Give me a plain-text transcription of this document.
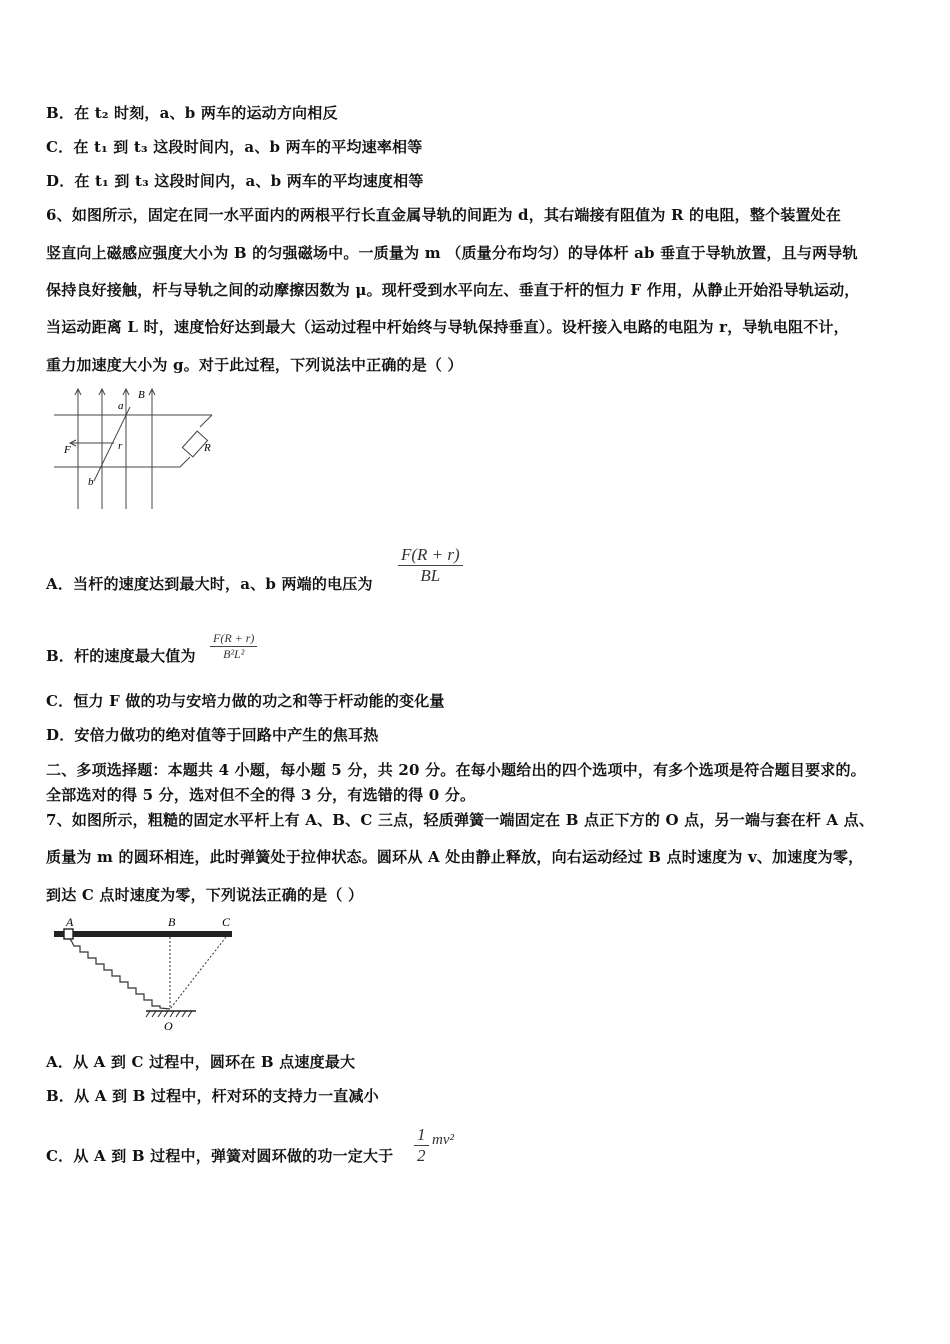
B．在 t₂ 时刻，a、b 两车的运动方向相反
C．在 t₁ 到 t₃ 这段时间内，a、b 两车的平均速率相等
D．在 t₁ 到 t₃ 这段时间内，a、b 两车的平均速度相等
6、如图所示，固定在同一水平面内的两根平行长直金属导轨的间距为 d，其右端接有阻值为 R 的电阻，整个装置处在
竖直向上磁感应强度大小为 B 的匀强磁场中。一质量为 m （质量分布均匀）的导体杆 ab 垂直于导轨放置，且与两导轨
保持良好接触，杆与导轨之间的动摩擦因数为 μ。现杆受到水平向左、垂直于杆的恒力 F 作用，从静止开始沿导轨运动，
当运动距离 L 时，速度恰好达到最大（运动过程中杆始终与导轨保持垂直）。设杆接入电路的电阻为 r，导轨电阻不计，
重力加速度大小为 g。对于此过程，下列说法中正确的是（ ）
a
B
F	r	R
b
A．当杆的速度达到最大时，a、b 两端的电压为
F(R + r)
BL
B．杆的速度最大值为
F(R + r)
B²L²
C．恒力 F 做的功与安培力做的功之和等于杆动能的变化量
D．安倍力做功的绝对值等于回路中产生的焦耳热
二、多项选择题：本题共 4 小题，每小题 5 分，共 20 分。在每小题给出的四个选项中，有多个选项是符合题目要求的。
全部选对的得 5 分，选对但不全的得 3 分，有选错的得 0 分。
7、如图所示，粗糙的固定水平杆上有 A、B、C 三点，轻质弹簧一端固定在 B 点正下方的 O 点，另一端与套在杆 A 点、
质量为 m 的圆环相连，此时弹簧处于拉伸状态。圆环从 A 处由静止释放，向右运动经过 B 点时速度为 v、加速度为零，
到达 C 点时速度为零，下列说法正确的是（ ）
A	B	C
O
A．从 A 到 C 过程中，圆环在 B 点速度最大
B．从 A 到 B 过程中，杆对环的支持力一直减小
C．从 A 到 B 过程中，弹簧对圆环做的功一定大于
1
2
mv²
